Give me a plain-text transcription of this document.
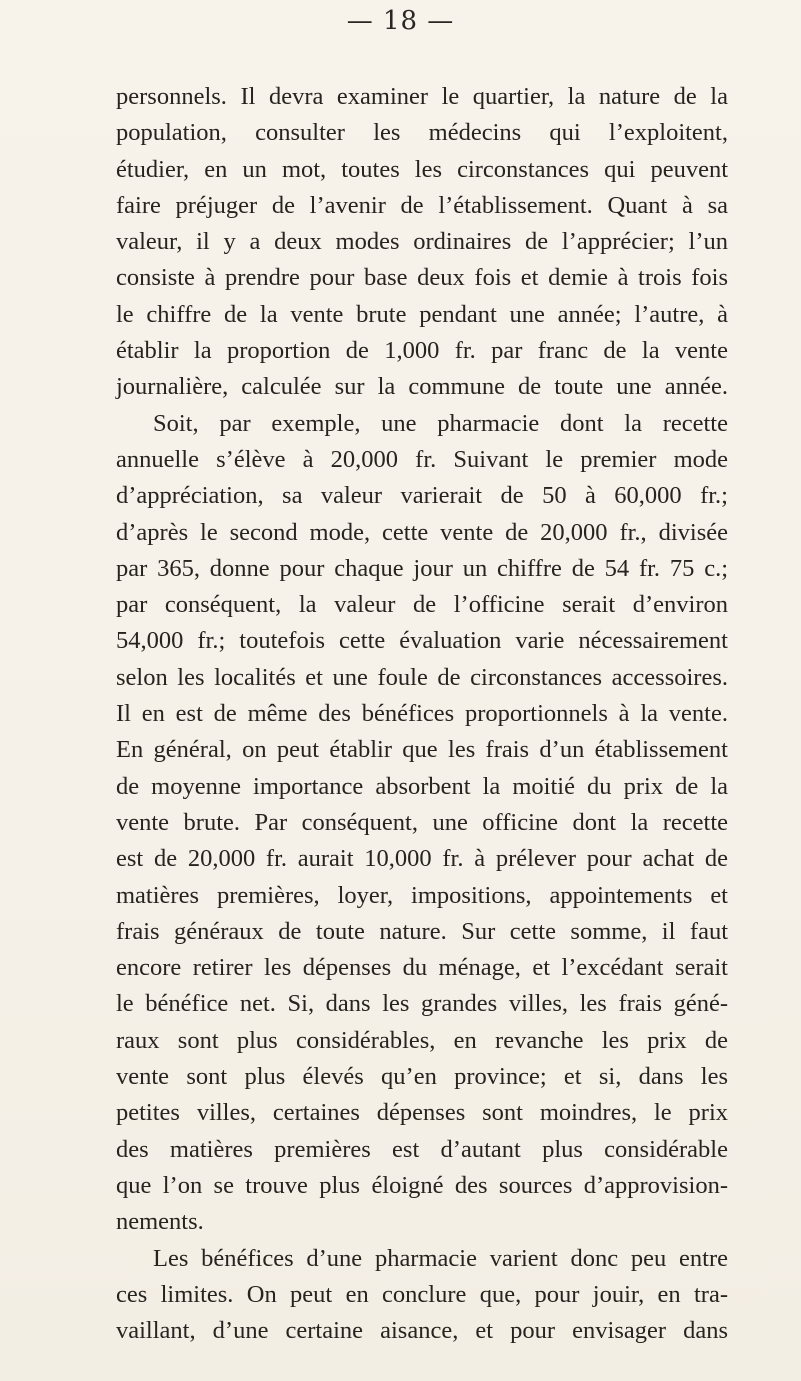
— 18 —
personnels. Il devra examiner le quartier, la nature de la
population, consulter les médecins qui l’exploitent,
étudier, en un mot, toutes les circonstances qui peuvent
faire préjuger de l’avenir de l’établissement. Quant à sa
valeur, il y a deux modes ordinaires de l’apprécier; l’un
consiste à prendre pour base deux fois et demie à trois fois
le chiffre de la vente brute pendant une année; l’autre, à
établir la proportion de 1,000 fr. par franc de la vente
journalière, calculée sur la commune de toute une année.
Soit, par exemple, une pharmacie dont la recette
annuelle s’élève à 20,000 fr. Suivant le premier mode
d’appréciation, sa valeur varierait de 50 à 60,000 fr.;
d’après le second mode, cette vente de 20,000 fr., divisée
par 365, donne pour chaque jour un chiffre de 54 fr. 75 c.;
par conséquent, la valeur de l’officine serait d’environ
54,000 fr.; toutefois cette évaluation varie nécessairement
selon les localités et une foule de circonstances accessoires.
Il en est de même des bénéfices proportionnels à la vente.
En général, on peut établir que les frais d’un établissement
de moyenne importance absorbent la moitié du prix de la
vente brute. Par conséquent, une officine dont la recette
est de 20,000 fr. aurait 10,000 fr. à prélever pour achat de
matières premières, loyer, impositions, appointements et
frais généraux de toute nature. Sur cette somme, il faut
encore retirer les dépenses du ménage, et l’excédant serait
le bénéfice net. Si, dans les grandes villes, les frais géné-
raux sont plus considérables, en revanche les prix de
vente sont plus élevés qu’en province; et si, dans les
petites villes, certaines dépenses sont moindres, le prix
des matières premières est d’autant plus considérable
que l’on se trouve plus éloigné des sources d’approvision-
nements.
Les bénéfices d’une pharmacie varient donc peu entre
ces limites. On peut en conclure que, pour jouir, en tra-
vaillant, d’une certaine aisance, et pour envisager dans
